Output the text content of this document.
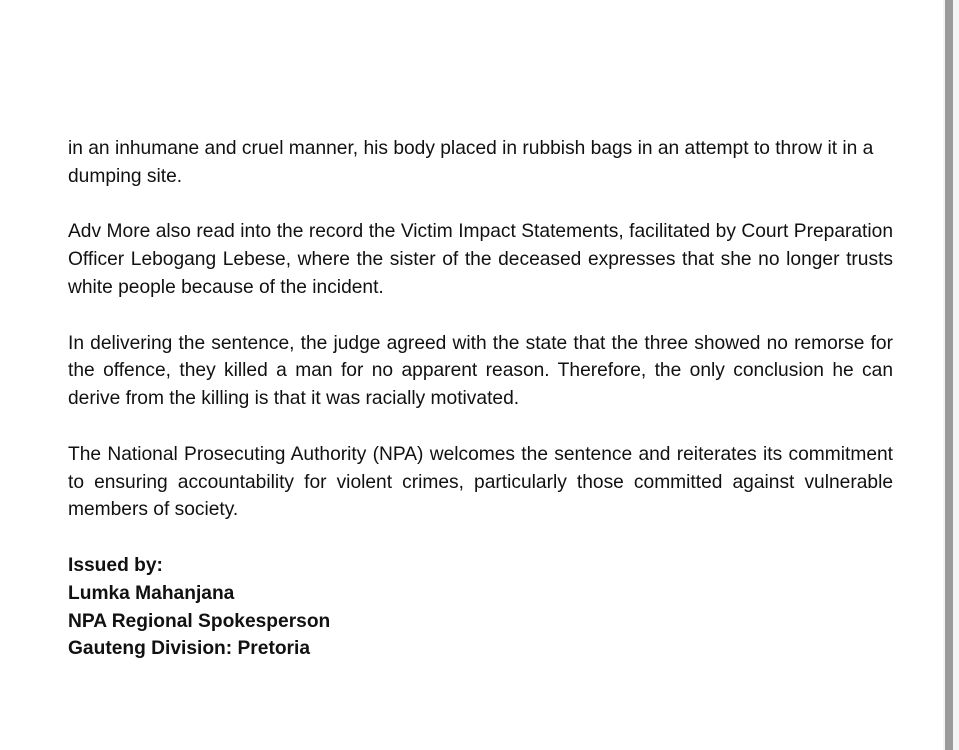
in an inhumane and cruel manner, his body placed in rubbish bags in an attempt to throw it in a dumping site.

Adv More also read into the record the Victim Impact Statements, facilitated by Court Preparation Officer Lebogang Lebese, where the sister of the deceased expresses that she no longer trusts white people because of the incident.

In delivering the sentence, the judge agreed with the state that the three showed no remorse for the offence, they killed a man for no apparent reason. Therefore, the only conclusion he can derive from the killing is that it was racially motivated.

The National Prosecuting Authority (NPA) welcomes the sentence and reiterates its commitment to ensuring accountability for violent crimes, particularly those committed against vulnerable members of society.

Issued by:
Lumka Mahanjana
NPA Regional Spokesperson
Gauteng Division: Pretoria
